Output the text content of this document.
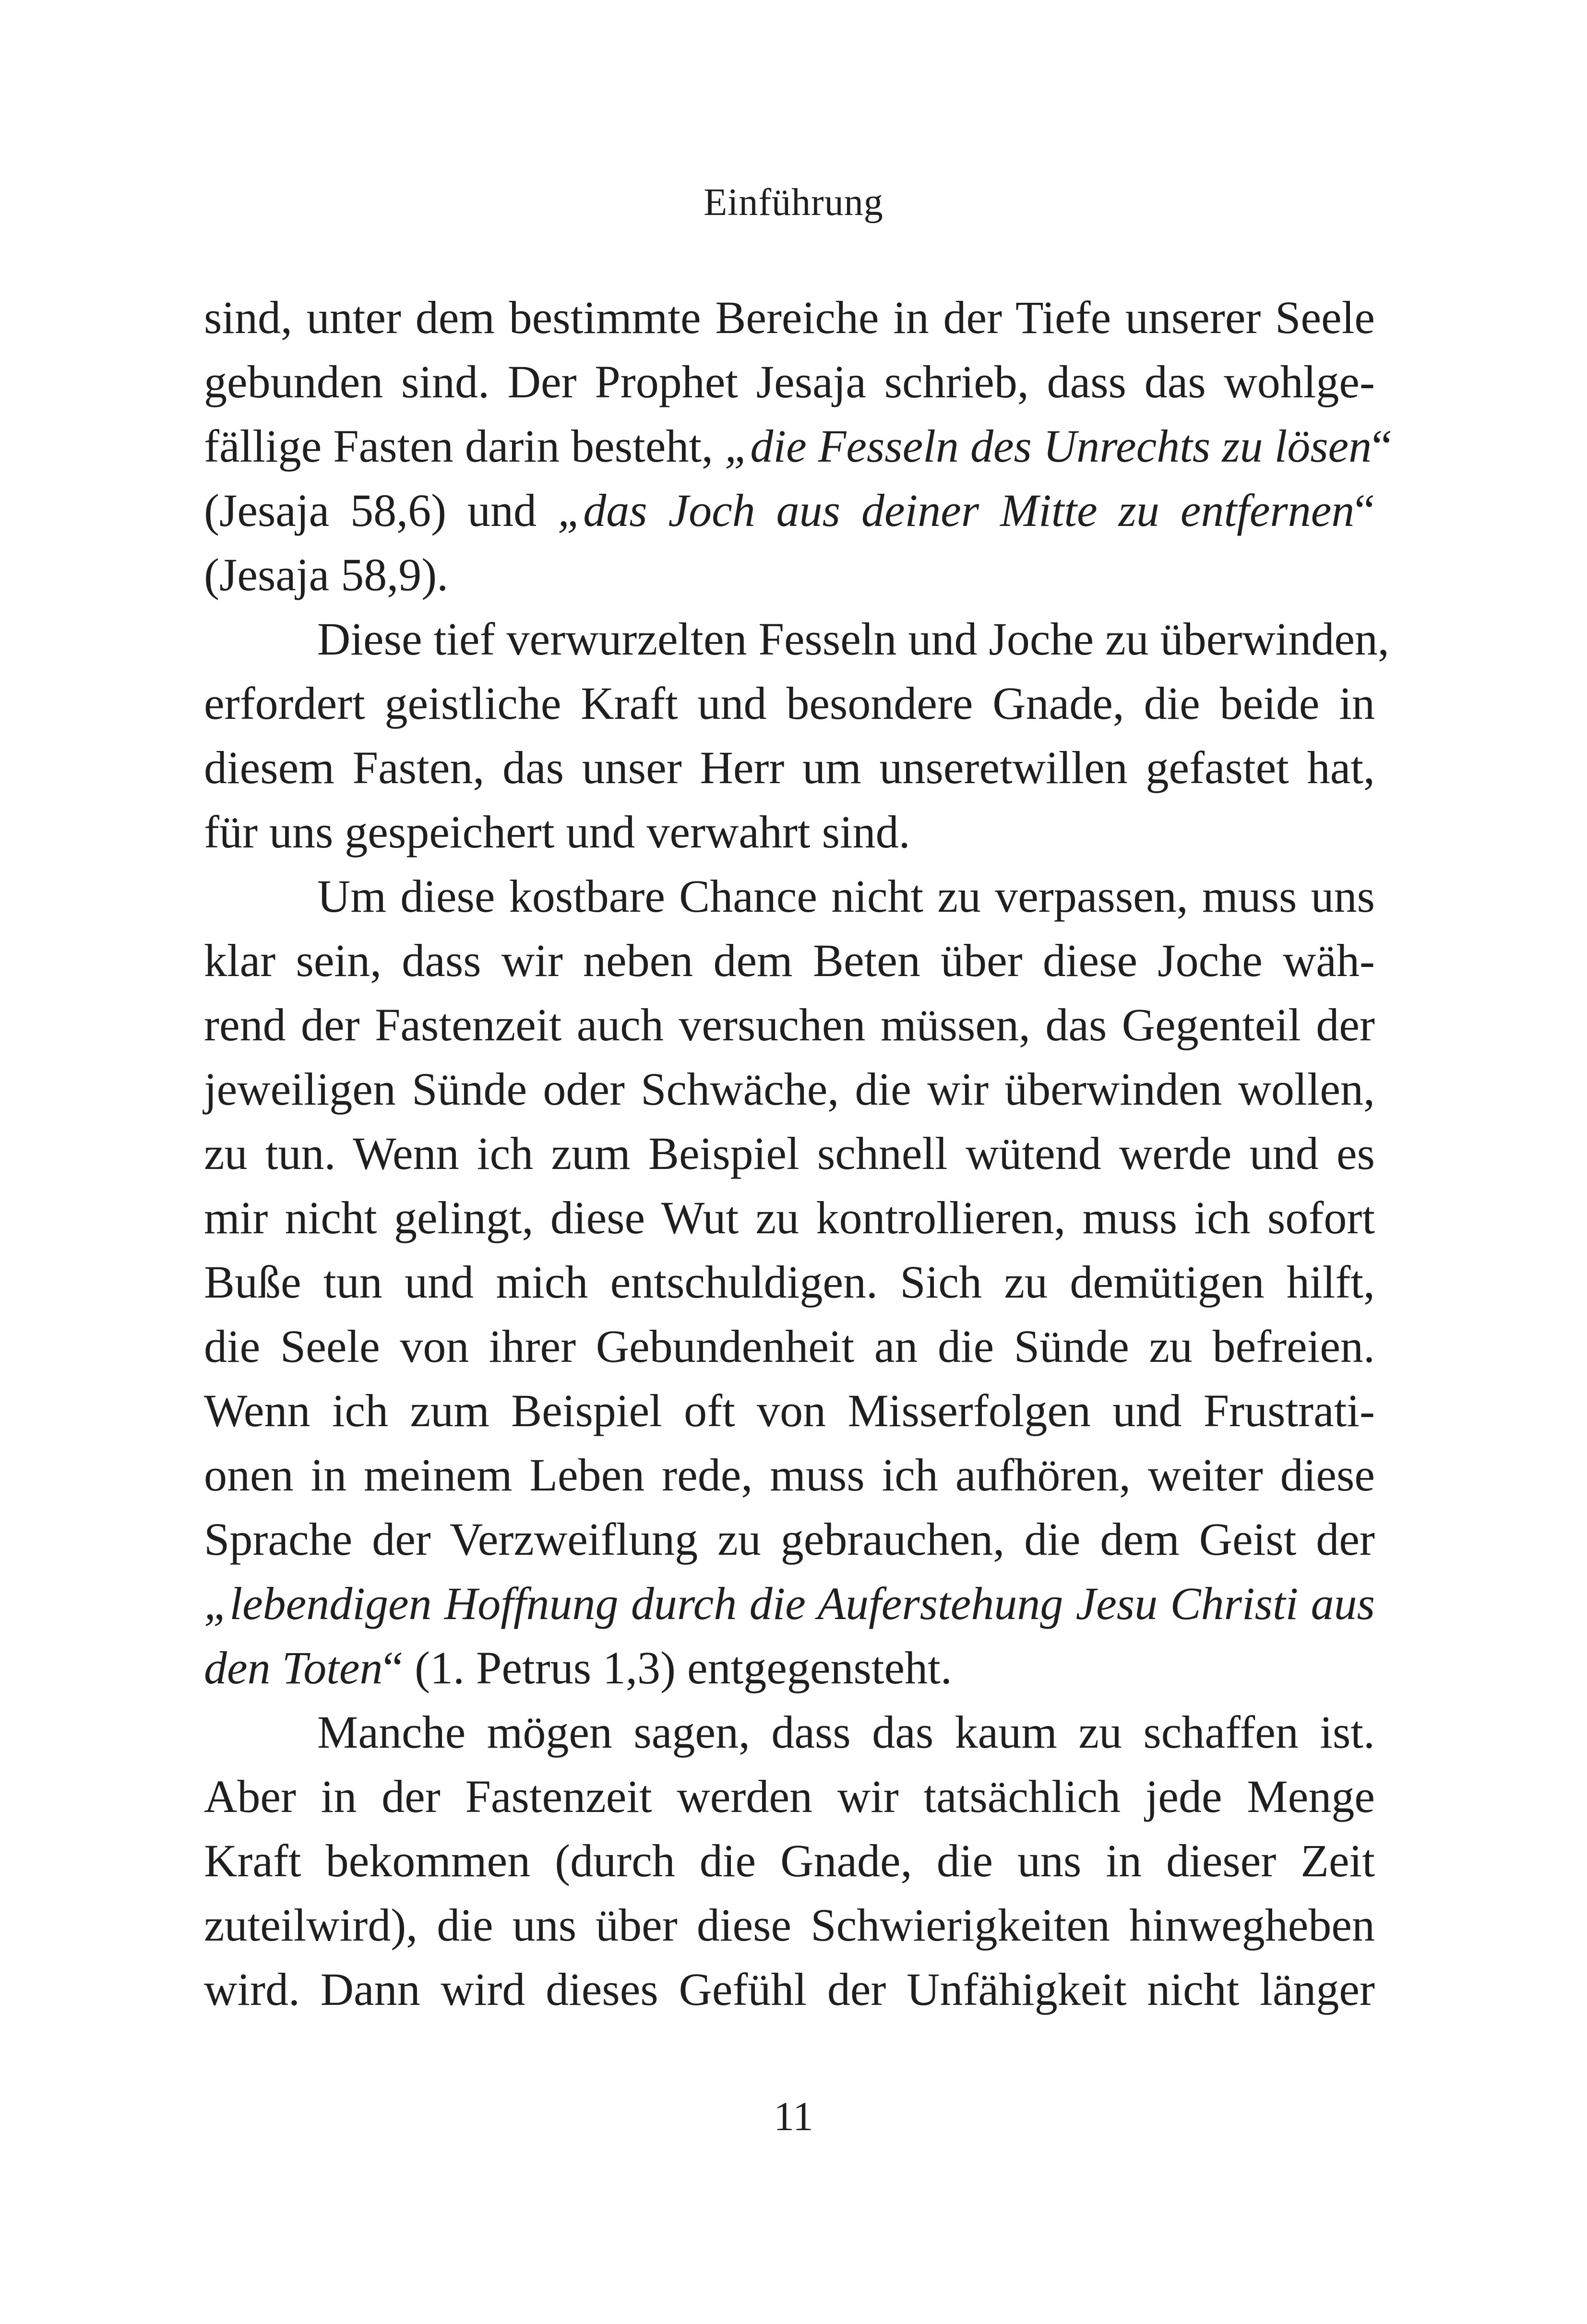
Einführung
sind, unter dem bestimmte Bereiche in der Tiefe unserer Seele
gebunden sind. Der Prophet Jesaja schrieb, dass das wohlge-
fällige Fasten darin besteht, „die Fesseln des Unrechts zu lösen“
(Jesaja 58,6) und „das Joch aus deiner Mitte zu entfernen“
(Jesaja 58,9).
Diese tief verwurzelten Fesseln und Joche zu überwinden,
erfordert geistliche Kraft und besondere Gnade, die beide in
diesem Fasten, das unser Herr um unseretwillen gefastet hat,
für uns gespeichert und verwahrt sind.
Um diese kostbare Chance nicht zu verpassen, muss uns
klar sein, dass wir neben dem Beten über diese Joche wäh-
rend der Fastenzeit auch versuchen müssen, das Gegenteil der
jeweiligen Sünde oder Schwäche, die wir überwinden wollen,
zu tun. Wenn ich zum Beispiel schnell wütend werde und es
mir nicht gelingt, diese Wut zu kontrollieren, muss ich sofort
Buße tun und mich entschuldigen. Sich zu demütigen hilft,
die Seele von ihrer Gebundenheit an die Sünde zu befreien.
Wenn ich zum Beispiel oft von Misserfolgen und Frustrati-
onen in meinem Leben rede, muss ich aufhören, weiter diese
Sprache der Verzweiflung zu gebrauchen, die dem Geist der
„lebendigen Hoffnung durch die Auferstehung Jesu Christi aus
den Toten“ (1. Petrus 1,3) entgegensteht.
Manche mögen sagen, dass das kaum zu schaffen ist.
Aber in der Fastenzeit werden wir tatsächlich jede Menge
Kraft bekommen (durch die Gnade, die uns in dieser Zeit
zuteilwird), die uns über diese Schwierigkeiten hinwegheben
wird. Dann wird dieses Gefühl der Unfähigkeit nicht länger
11
